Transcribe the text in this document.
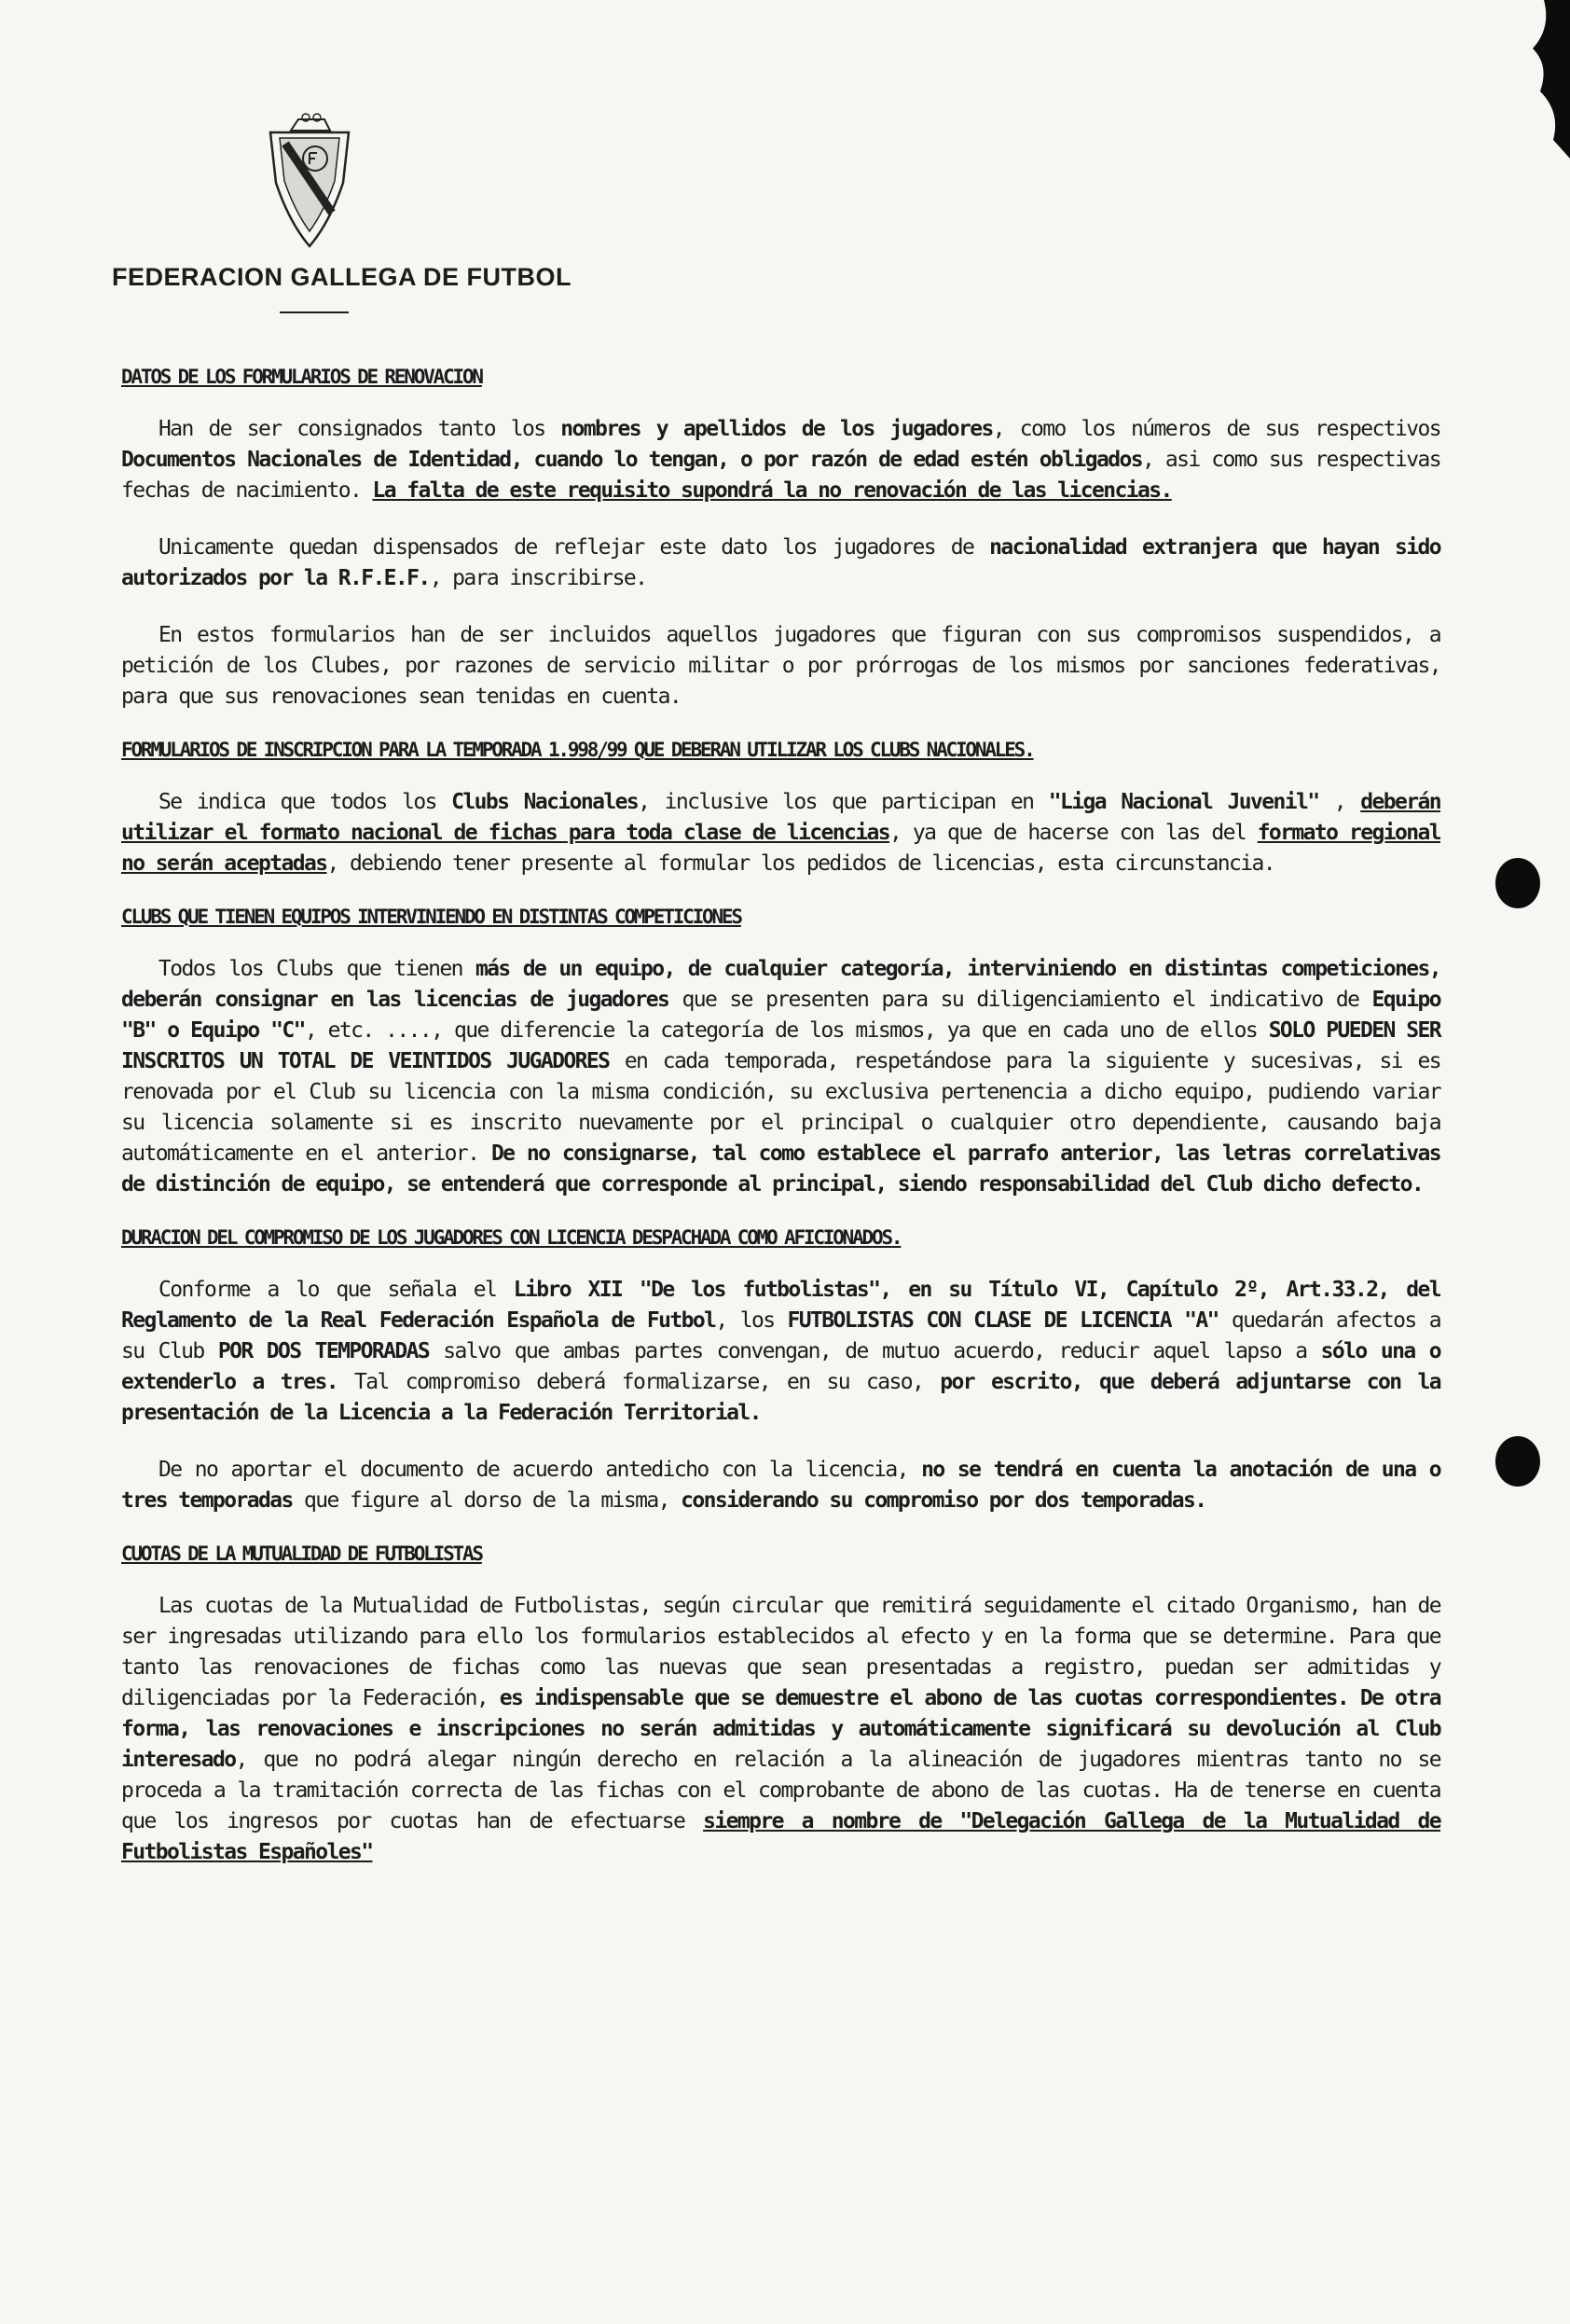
FEDERACION GALLEGA DE FUTBOL
DATOS DE LOS FORMULARIOS DE RENOVACION

Han de ser consignados tanto los nombres y apellidos de los jugadores, como los números de sus respectivos Documentos Nacionales de Identidad, cuando lo tengan, o por razón de edad estén obligados, asi como sus respectivas fechas de nacimiento. La falta de este requisito supondrá la no renovación de las licencias.

Unicamente quedan dispensados de reflejar este dato los jugadores de nacionalidad extranjera que hayan sido autorizados por la R.F.E.F., para inscribirse.

En estos formularios han de ser incluidos aquellos jugadores que figuran con sus compromisos suspendidos, a petición de los Clubes, por razones de servicio militar o por prórrogas de los mismos por sanciones federativas, para que sus renovaciones sean tenidas en cuenta.

FORMULARIOS DE INSCRIPCION PARA LA TEMPORADA 1.998/99 QUE DEBERAN UTILIZAR LOS CLUBS NACIONALES.

Se indica que todos los Clubs Nacionales, inclusive los que participan en "Liga Nacional Juvenil" , deberán utilizar el formato nacional de fichas para toda clase de licencias, ya que de hacerse con las del formato regional no serán aceptadas, debiendo tener presente al formular los pedidos de licencias, esta circunstancia.

CLUBS QUE TIENEN EQUIPOS INTERVINIENDO EN DISTINTAS COMPETICIONES

Todos los Clubs que tienen más de un equipo, de cualquier categoría, interviniendo en distintas competiciones, deberán consignar en las licencias de jugadores que se presenten para su diligenciamiento el indicativo de Equipo "B" o Equipo "C", etc. ...., que diferencie la categoría de los mismos, ya que en cada uno de ellos SOLO PUEDEN SER INSCRITOS UN TOTAL DE VEINTIDOS JUGADORES en cada temporada, respetándose para la siguiente y sucesivas, si es renovada por el Club su licencia con la misma condición, su exclusiva pertenencia a dicho equipo, pudiendo variar su licencia solamente si es inscrito nuevamente por el principal o cualquier otro dependiente, causando baja automáticamente en el anterior. De no consignarse, tal como establece el parrafo anterior, las letras correlativas de distinción de equipo, se entenderá que corresponde al principal, siendo responsabilidad del Club dicho defecto.

DURACION DEL COMPROMISO DE LOS JUGADORES CON LICENCIA DESPACHADA COMO AFICIONADOS.

Conforme a lo que señala el Libro XII "De los futbolistas", en su Título VI, Capítulo 2º, Art.33.2, del Reglamento de la Real Federación Española de Futbol, los FUTBOLISTAS CON CLASE DE LICENCIA "A" quedarán afectos a su Club POR DOS TEMPORADAS salvo que ambas partes convengan, de mutuo acuerdo, reducir aquel lapso a sólo una o extenderlo a tres. Tal compromiso deberá formalizarse, en su caso, por escrito, que deberá adjuntarse con la presentación de la Licencia a la Federación Territorial.

De no aportar el documento de acuerdo antedicho con la licencia, no se tendrá en cuenta la anotación de una o tres temporadas que figure al dorso de la misma, considerando su compromiso por dos temporadas.

CUOTAS DE LA MUTUALIDAD DE FUTBOLISTAS

Las cuotas de la Mutualidad de Futbolistas, según circular que remitirá seguidamente el citado Organismo, han de ser ingresadas utilizando para ello los formularios establecidos al efecto y en la forma que se determine. Para que tanto las renovaciones de fichas como las nuevas que sean presentadas a registro, puedan ser admitidas y diligenciadas por la Federación, es indispensable que se demuestre el abono de las cuotas correspondientes. De otra forma, las renovaciones e inscripciones no serán admitidas y automáticamente significará su devolución al Club interesado, que no podrá alegar ningún derecho en relación a la alineación de jugadores mientras tanto no se proceda a la tramitación correcta de las fichas con el comprobante de abono de las cuotas. Ha de tenerse en cuenta que los ingresos por cuotas han de efectuarse siempre a nombre de "Delegación Gallega de la Mutualidad de Futbolistas Españoles"
